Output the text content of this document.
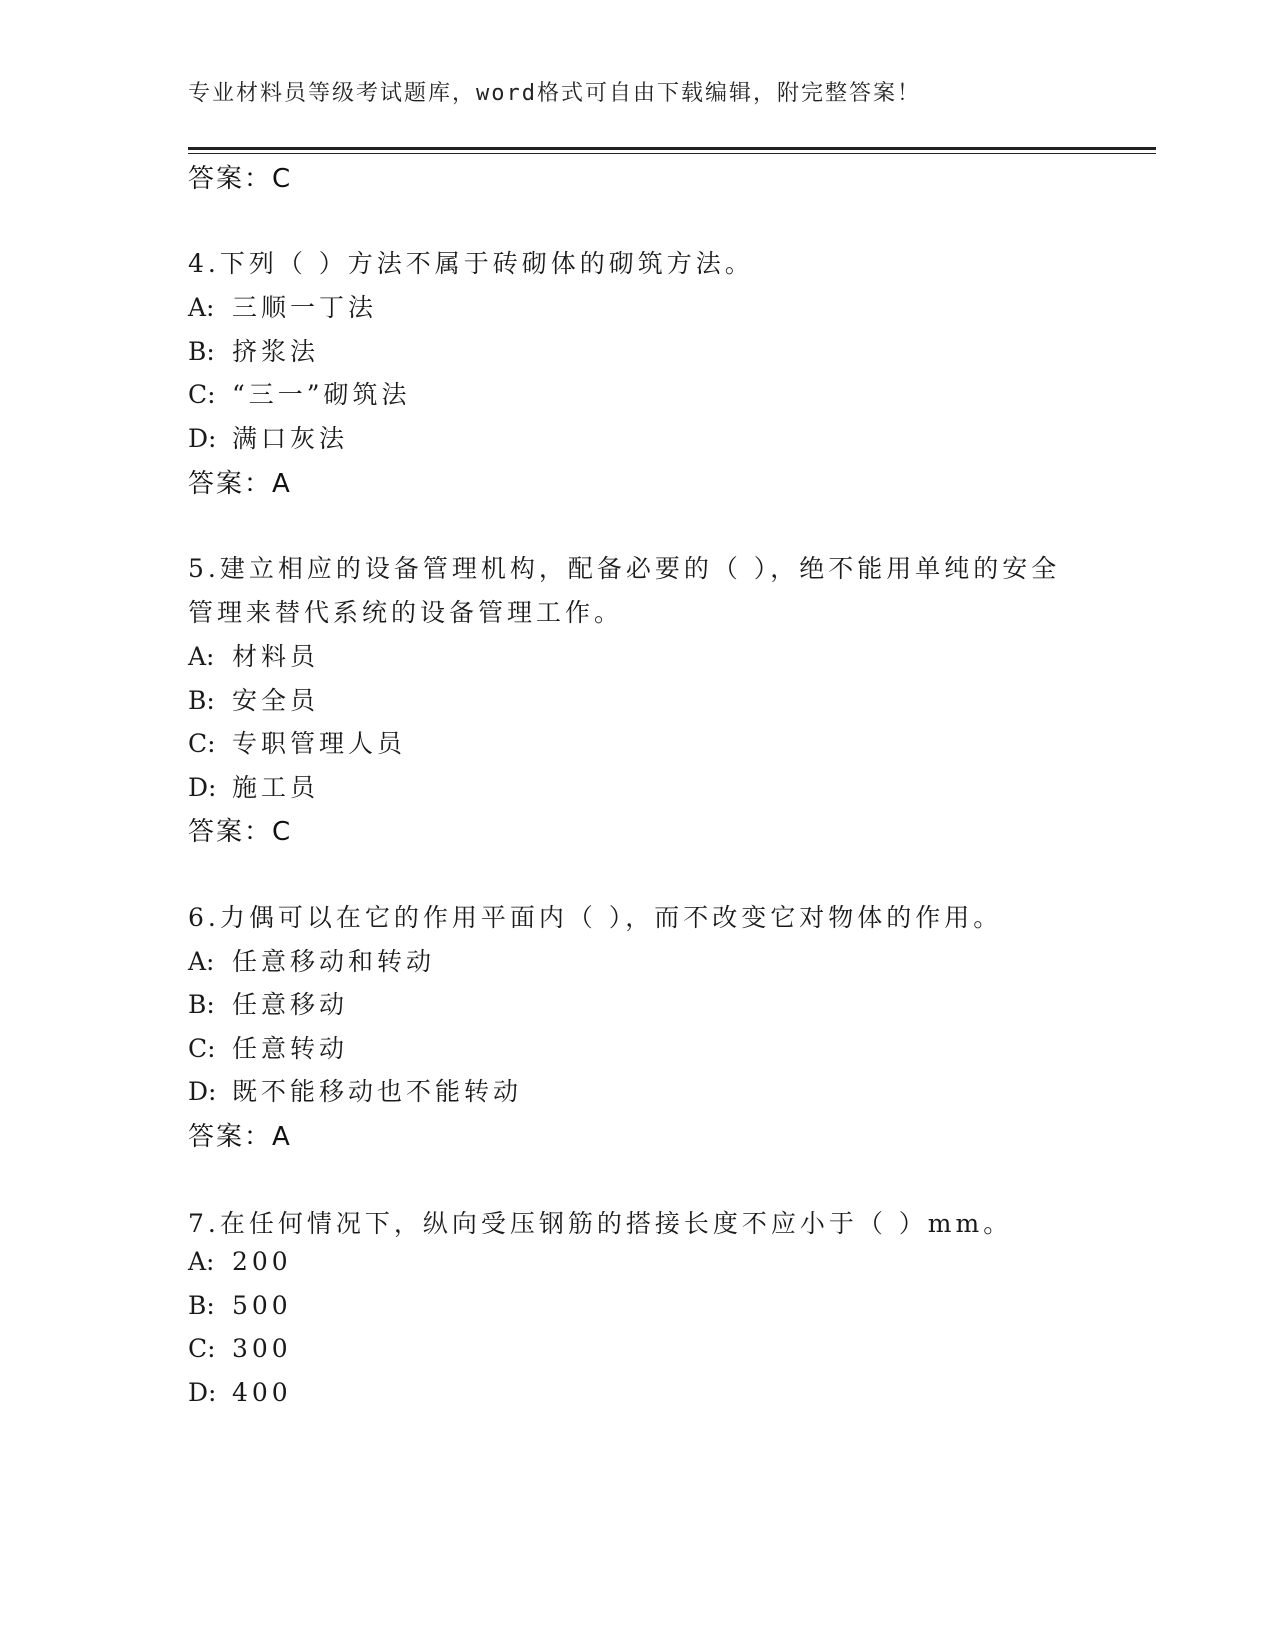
专业材料员等级考试题库，word格式可自由下载编辑，附完整答案！
答案：C
4.下列（ ）方法不属于砖砌体的砌筑方法。
A: 三顺一丁法
B: 挤浆法
C: “三一”砌筑法
D: 满口灰法
答案：A
5.建立相应的设备管理机构，配备必要的（ ），绝不能用单纯的安全
管理来替代系统的设备管理工作。
A: 材料员
B: 安全员
C: 专职管理人员
D: 施工员
答案：C
6.力偶可以在它的作用平面内（ ），而不改变它对物体的作用。
A: 任意移动和转动
B: 任意移动
C: 任意转动
D: 既不能移动也不能转动
答案：A
7.在任何情况下，纵向受压钢筋的搭接长度不应小于（ ）mm。
A: 200
B: 500
C: 300
D: 400
